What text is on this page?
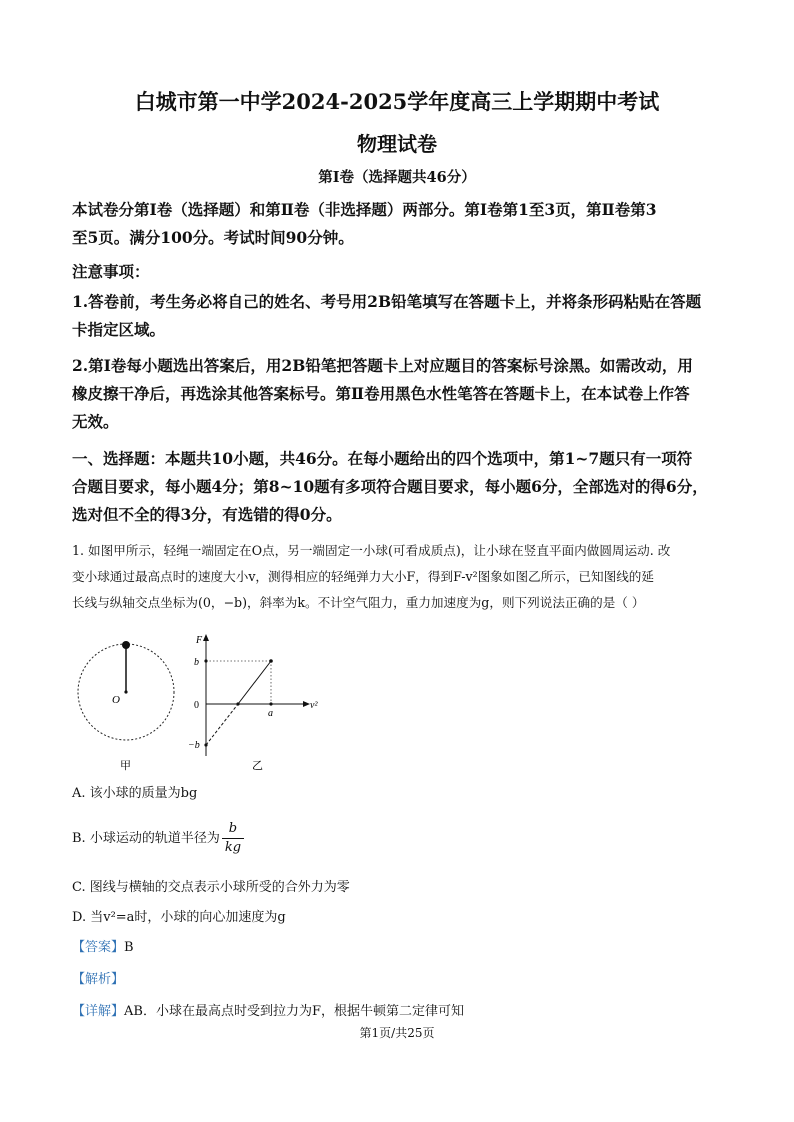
白城市第一中学2024-2025学年度高三上学期期中考试
物理试卷
第Ⅰ卷（选择题共46分）
本试卷分第Ⅰ卷（选择题）和第Ⅱ卷（非选择题）两部分。第Ⅰ卷第1至3页，第Ⅱ卷第3
至5页。满分100分。考试时间90分钟。
注意事项：
1.答卷前，考生务必将自己的姓名、考号用2B铅笔填写在答题卡上，并将条形码粘贴在答题
卡指定区域。
2.第Ⅰ卷每小题选出答案后，用2B铅笔把答题卡上对应题目的答案标号涂黑。如需改动，用
橡皮擦干净后，再选涂其他答案标号。第Ⅱ卷用黑色水性笔答在答题卡上，在本试卷上作答
无效。
一、选择题：本题共10小题，共46分。在每小题给出的四个选项中，第1~7题只有一项符
合题目要求，每小题4分；第8~10题有多项符合题目要求，每小题6分，全部选对的得6分，
选对但不全的得3分，有选错的得0分。
1. 如图甲所示，轻绳一端固定在O点，另一端固定一小球(可看成质点)，让小球在竖直平面内做圆周运动. 改
变小球通过最高点时的速度大小v，测得相应的轻绳弹力大小F，得到F-v²图象如图乙所示，已知图线的延
长线与纵轴交点坐标为(0，−b)，斜率为k。不计空气阻力，重力加速度为g，则下列说法正确的是（ ）
O
甲
F
v²
0
b
−b
a
乙
A. 该小球的质量为bg
B. 小球运动的轨道半径为 $\frac{b}{kg}$
C. 图线与横轴的交点表示小球所受的合外力为零
D. 当v²=a时，小球的向心加速度为g
【答案】B
【解析】
【详解】AB．小球在最高点时受到拉力为F，根据牛顿第二定律可知
第1页/共25页
